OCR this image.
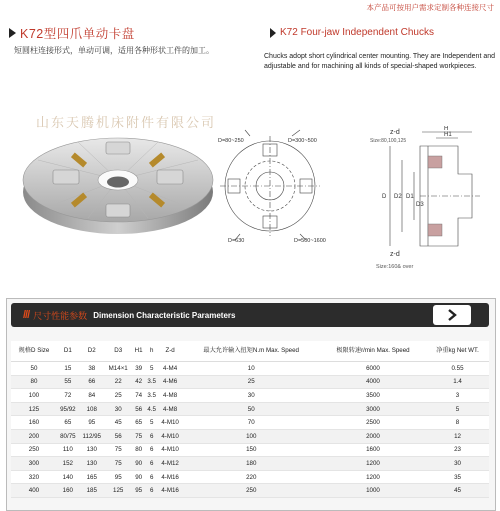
本产品可按用户需求定制各种连接尺寸
K72型四爪单动卡盘
短圆柱连接形式，单动可调，适用各种形状工件的加工。
K72 Four-jaw Independent Chucks
Chucks adopt short cylindrical center mounting. They are Independent and adjustable and for machining all kinds of special-shaped workpieces.
山东天腾机床附件有限公司
D=80~250	D=300~500
D=630	D=500~1600
z-d
Size:80,100,125
H1
H
D D2 D1
D3
z-d
Size:160& over
/// 尺寸性能参数 Dimension Characteristic Parameters
规格D Size	D1	D2	D3	H1	h	Z-d	最大允许输入扭矩N.m Max. Speed	极限转速r/min Max. Speed	净重kg Net WT.
50	15	38	M14×1	39	5	4-M4	10	6000	0.55
80	55	66	22	42	3.5	4-M6	25	4000	1.4
100	72	84	25	74	3.5	4-M8	30	3500	3
125	95/92	108	30	56	4.5	4-M8	50	3000	5
160	65	95	45	65	5	4-M10	70	2500	8
200	80/75	112/95	56	75	6	4-M10	100	2000	12
250	110	130	75	80	6	4-M10	150	1600	23
300	152	130	75	90	6	4-M12	180	1200	30
320	140	165	95	90	6	4-M16	220	1200	35
400	160	185	125	95	6	4-M16	250	1000	45
